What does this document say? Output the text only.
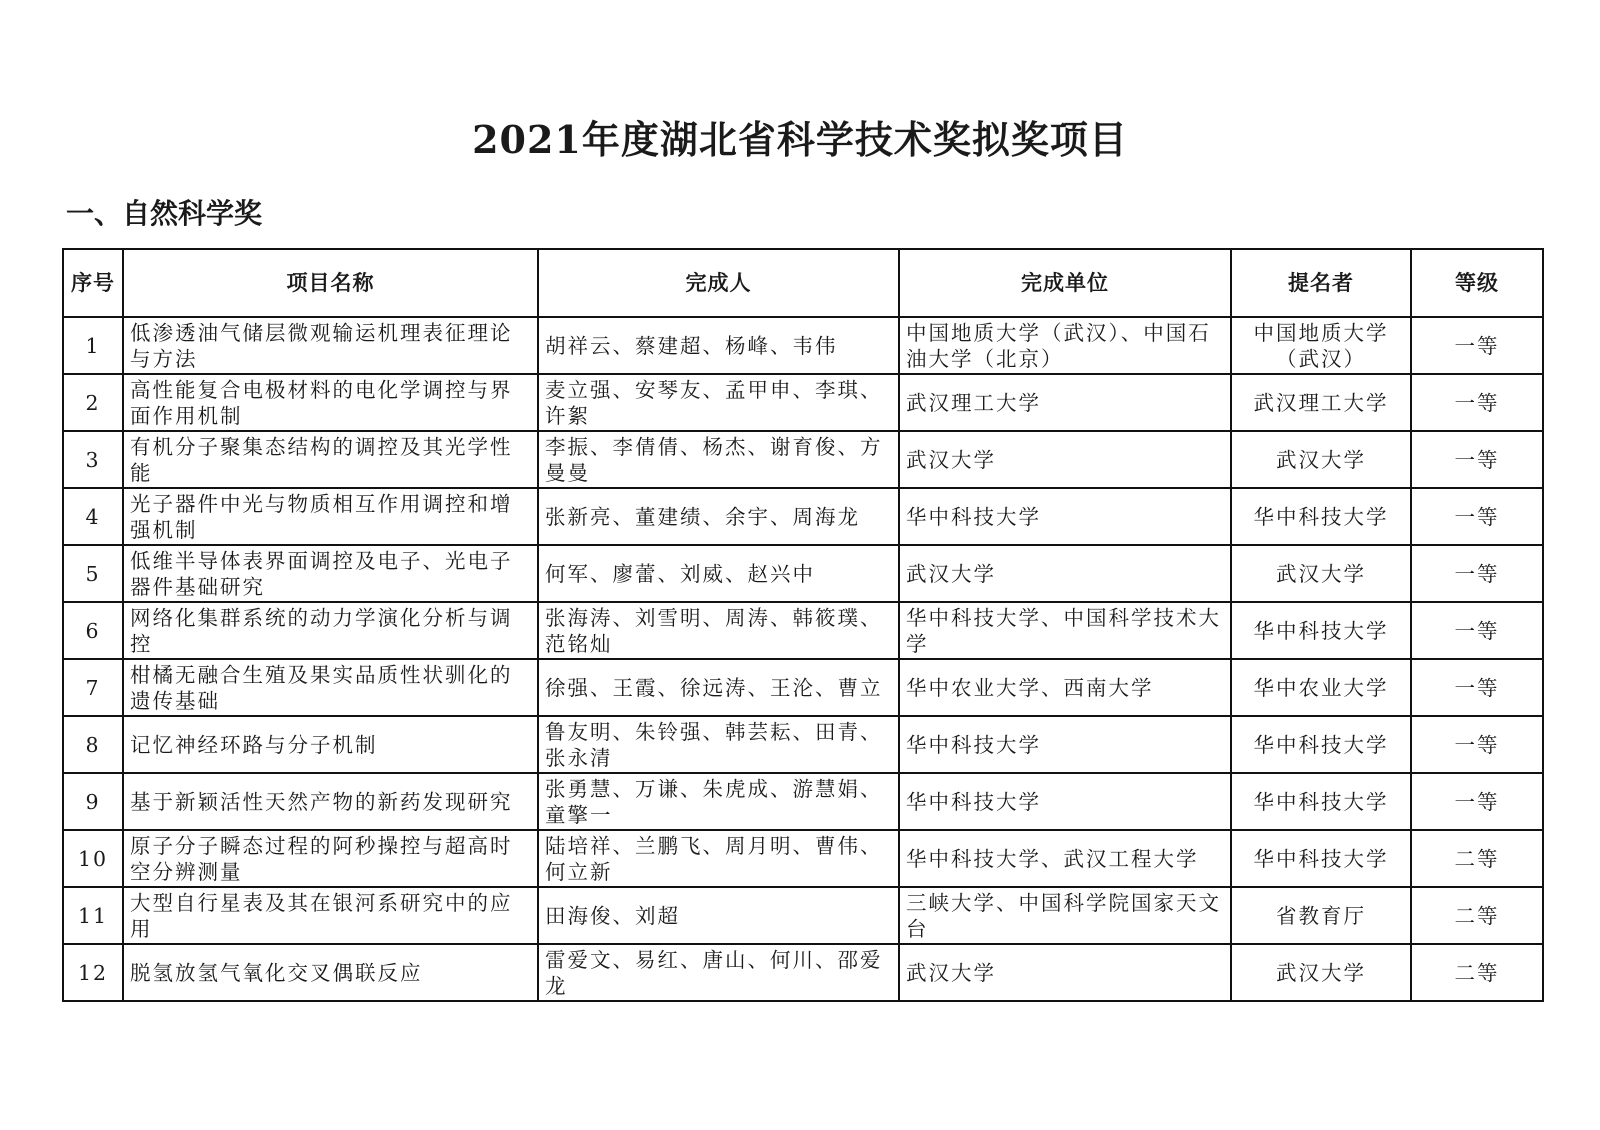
2021年度湖北省科学技术奖拟奖项目
一、自然科学奖
序号	项目名称	完成人	完成单位	提名者	等级
1	低渗透油气储层微观输运机理表征理论与方法	胡祥云、蔡建超、杨峰、韦伟	中国地质大学（武汉）、中国石油大学（北京）	中国地质大学（武汉）	一等
2	高性能复合电极材料的电化学调控与界面作用机制	麦立强、安琴友、孟甲申、李琪、许絮	武汉理工大学	武汉理工大学	一等
3	有机分子聚集态结构的调控及其光学性能	李振、李倩倩、杨杰、谢育俊、方曼曼	武汉大学	武汉大学	一等
4	光子器件中光与物质相互作用调控和增强机制	张新亮、董建绩、余宇、周海龙	华中科技大学	华中科技大学	一等
5	低维半导体表界面调控及电子、光电子器件基础研究	何军、廖蕾、刘威、赵兴中	武汉大学	武汉大学	一等
6	网络化集群系统的动力学演化分析与调控	张海涛、刘雪明、周涛、韩筱璞、范铭灿	华中科技大学、中国科学技术大学	华中科技大学	一等
7	柑橘无融合生殖及果实品质性状驯化的遗传基础	徐强、王霞、徐远涛、王沦、曹立	华中农业大学、西南大学	华中农业大学	一等
8	记忆神经环路与分子机制	鲁友明、朱铃强、韩芸耘、田青、张永清	华中科技大学	华中科技大学	一等
9	基于新颖活性天然产物的新药发现研究	张勇慧、万谦、朱虎成、游慧娟、童擎一	华中科技大学	华中科技大学	一等
10	原子分子瞬态过程的阿秒操控与超高时空分辨测量	陆培祥、兰鹏飞、周月明、曹伟、何立新	华中科技大学、武汉工程大学	华中科技大学	二等
11	大型自行星表及其在银河系研究中的应用	田海俊、刘超	三峡大学、中国科学院国家天文台	省教育厅	二等
12	脱氢放氢气氧化交叉偶联反应	雷爱文、易红、唐山、何川、邵爱龙	武汉大学	武汉大学	二等
